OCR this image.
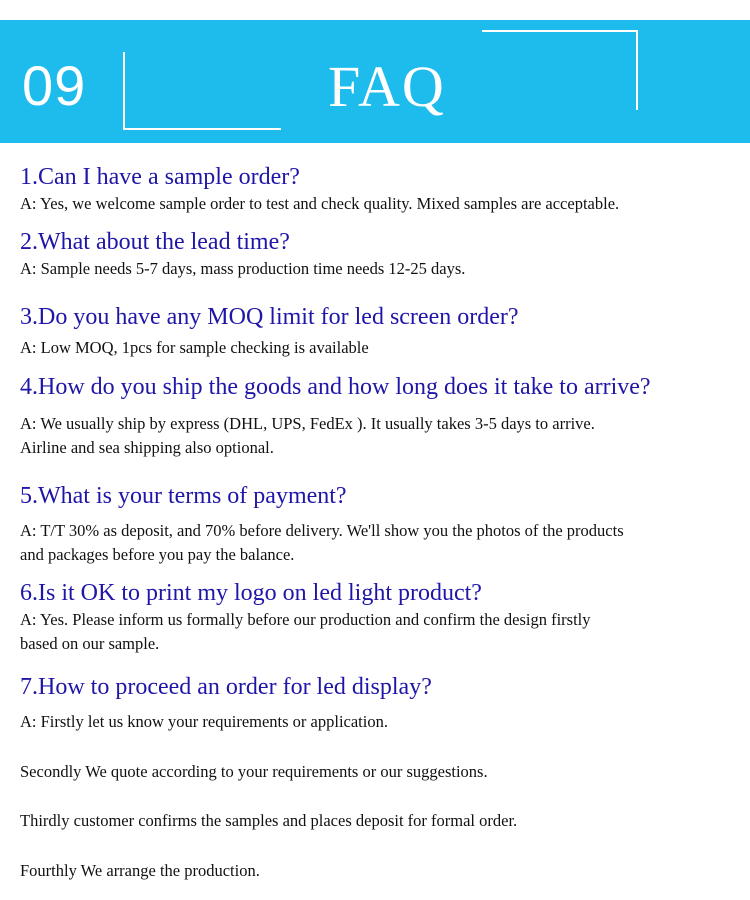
09	FAQ
1.Can I have a sample order?
A: Yes, we welcome sample order to test and check quality. Mixed samples are acceptable.
2.What about the lead time?
A: Sample needs 5-7 days, mass production time needs 12-25 days.
3.Do you have any MOQ limit for led screen order?
A: Low MOQ, 1pcs for sample checking is available
4.How do you ship the goods and how long does it take to arrive?
A: We usually ship by express (DHL, UPS, FedEx ). It usually takes 3-5 days to arrive.
Airline and sea shipping also optional.
5.What is your terms of payment?
A: T/T 30% as deposit, and 70% before delivery. We'll show you the photos of the products
and packages before you pay the balance.
6.Is it OK to print my logo on led light product?
A: Yes. Please inform us formally before our production and confirm the design firstly
based on our sample.
7.How to proceed an order for led display?
A: Firstly let us know your requirements or application.
Secondly We quote according to your requirements or our suggestions.
Thirdly customer confirms the samples and places deposit for formal order.
Fourthly We arrange the production.
